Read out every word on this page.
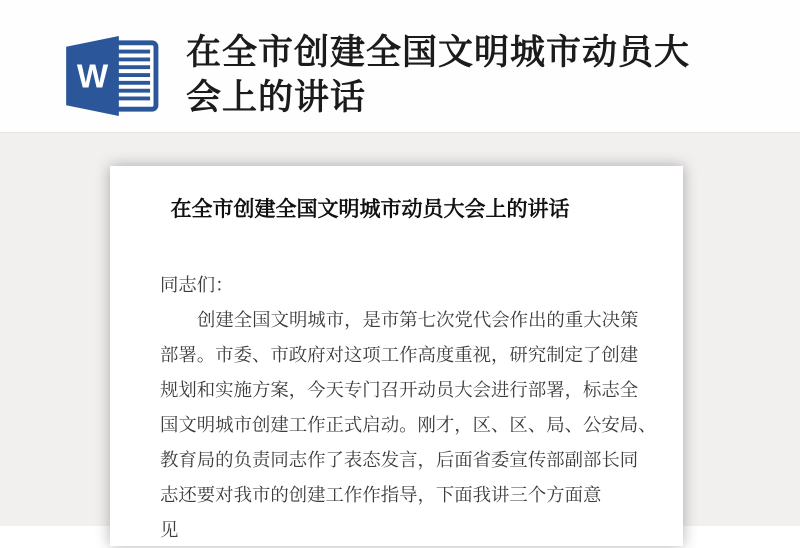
W
在全市创建全国文明城市动员大
会上的讲话
在全市创建全国文明城市动员大会上的讲话
同志们：
创建全国文明城市，是市第七次党代会作出的重大决策
部署。市委、市政府对这项工作高度重视，研究制定了创建
规划和实施方案，今天专门召开动员大会进行部署，标志全
国文明城市创建工作正式启动。刚才，区、区、局、公安局、
教育局的负责同志作了表态发言，后面省委宣传部副部长同
志还要对我市的创建工作作指导，下面我讲三个方面意
见
